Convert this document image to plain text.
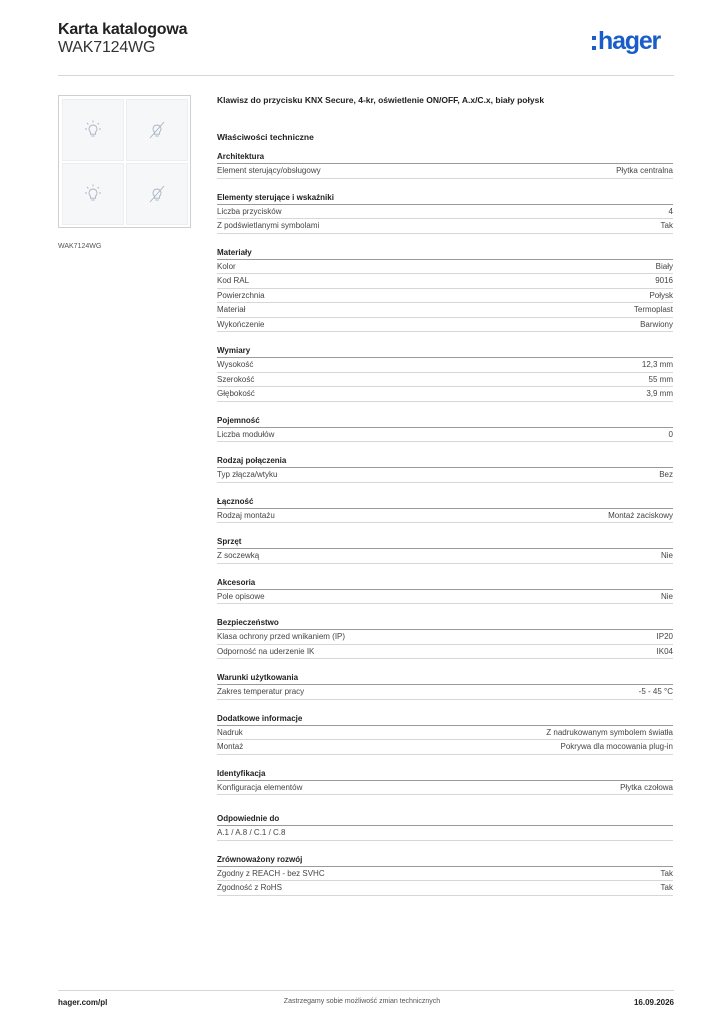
Karta katalogowa
WAK7124WG	hager
WAK7124WG
Klawisz do przycisku KNX Secure, 4-kr, oświetlenie ON/OFF, A.x/C.x, biały połysk
Właściwości techniczne
Architektura
Element sterujący/obsługowy	Płytka centralna
Elementy sterujące i wskaźniki
Liczba przycisków	4
Z podświetlanymi symbolami	Tak
Materiały
Kolor	Biały
Kod RAL	9016
Powierzchnia	Połysk
Materiał	Termoplast
Wykończenie	Barwiony
Wymiary
Wysokość	12,3 mm
Szerokość	55 mm
Głębokość	3,9 mm
Pojemność
Liczba modułów	0
Rodzaj połączenia
Typ złącza/wtyku	Bez
Łączność
Rodzaj montażu	Montaż zaciskowy
Sprzęt
Z soczewką	Nie
Akcesoria
Pole opisowe	Nie
Bezpieczeństwo
Klasa ochrony przed wnikaniem (IP)	IP20
Odporność na uderzenie IK	IK04
Warunki użytkowania
Zakres temperatur pracy	-5 - 45 °C
Dodatkowe informacje
Nadruk	Z nadrukowanym symbolem światła
Montaż	Pokrywa dla mocowania plug-in
Identyfikacja
Konfiguracja elementów	Płytka czołowa
Odpowiednie do
A.1 / A.8 / C.1 / C.8
Zrównoważony rozwój
Zgodny z REACH - bez SVHC	Tak
Zgodność z RoHS	Tak
hager.com/pl	Zastrzegamy sobie możliwość zmian technicznych	16.09.2026
